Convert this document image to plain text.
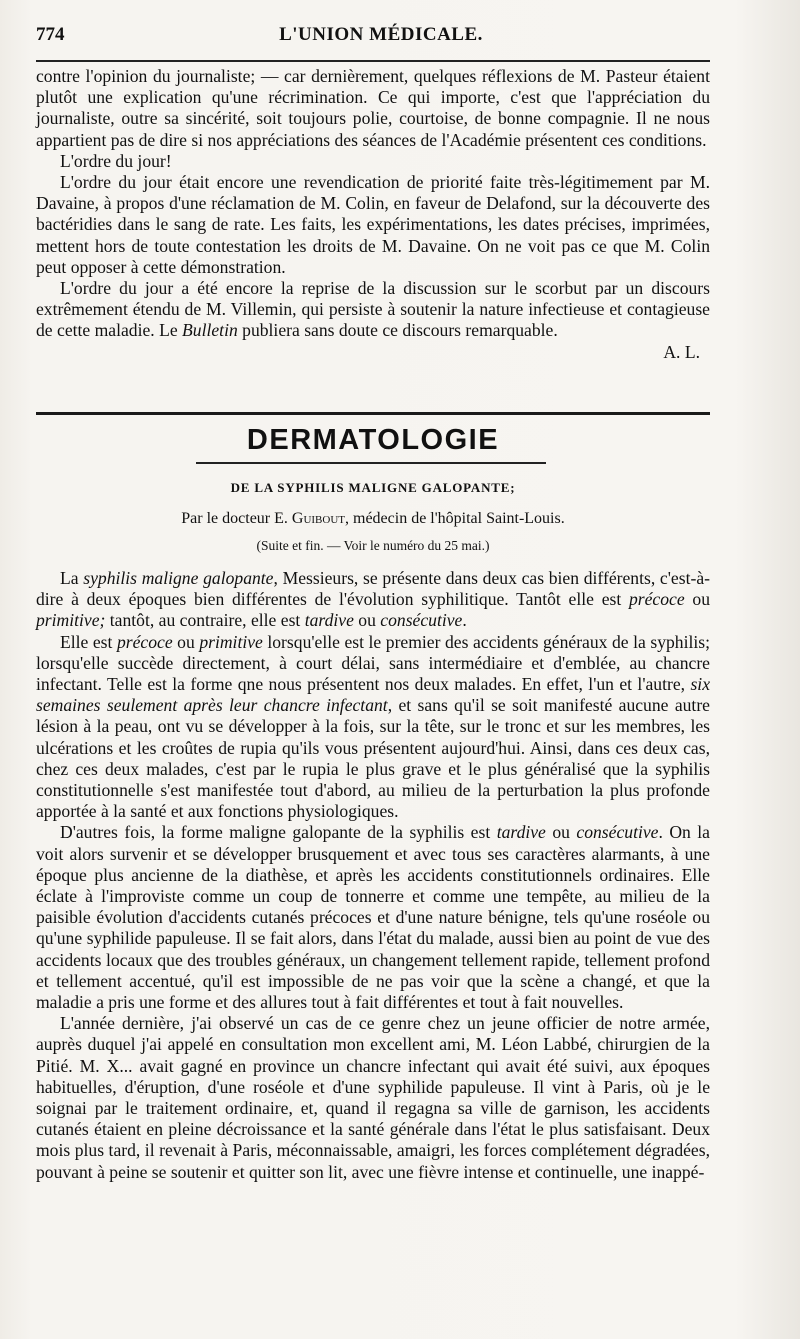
774	L'UNION MÉDICALE.

contre l'opinion du journaliste; — car dernièrement, quelques réflexions de M. Pasteur étaient plutôt une explication qu'une récrimination. Ce qui importe, c'est que l'appréciation du journaliste, outre sa sincérité, soit toujours polie, courtoise, de bonne compagnie. Il ne nous appartient pas de dire si nos appréciations des séances de l'Académie présentent ces conditions.

L'ordre du jour!

L'ordre du jour était encore une revendication de priorité faite très-légitimement par M. Davaine, à propos d'une réclamation de M. Colin, en faveur de Delafond, sur la découverte des bactéridies dans le sang de rate. Les faits, les expérimentations, les dates précises, imprimées, mettent hors de toute contestation les droits de M. Davaine. On ne voit pas ce que M. Colin peut opposer à cette démonstration.

L'ordre du jour a été encore la reprise de la discussion sur le scorbut par un discours extrêmement étendu de M. Villemin, qui persiste à soutenir la nature infectieuse et contagieuse de cette maladie. Le Bulletin publiera sans doute ce discours remarquable.

A. L.
DERMATOLOGIE
DE LA SYPHILIS MALIGNE GALOPANTE;
Par le docteur E. Guibout, médecin de l'hôpital Saint-Louis.
(Suite et fin. — Voir le numéro du 25 mai.)

La syphilis maligne galopante, Messieurs, se présente dans deux cas bien différents, c'est-à-dire à deux époques bien différentes de l'évolution syphilitique. Tantôt elle est précoce ou primitive; tantôt, au contraire, elle est tardive ou consécutive.

Elle est précoce ou primitive lorsqu'elle est le premier des accidents généraux de la syphilis; lorsqu'elle succède directement, à court délai, sans intermédiaire et d'emblée, au chancre infectant. Telle est la forme qne nous présentent nos deux malades. En effet, l'un et l'autre, six semaines seulement après leur chancre infectant, et sans qu'il se soit manifesté aucune autre lésion à la peau, ont vu se développer à la fois, sur la tête, sur le tronc et sur les membres, les ulcérations et les croûtes de rupia qu'ils vous présentent aujourd'hui. Ainsi, dans ces deux cas, chez ces deux malades, c'est par le rupia le plus grave et le plus généralisé que la syphilis constitutionnelle s'est manifestée tout d'abord, au milieu de la perturbation la plus profonde apportée à la santé et aux fonctions physiologiques.

D'autres fois, la forme maligne galopante de la syphilis est tardive ou consécutive. On la voit alors survenir et se développer brusquement et avec tous ses caractères alarmants, à une époque plus ancienne de la diathèse, et après les accidents constitutionnels ordinaires. Elle éclate à l'improviste comme un coup de tonnerre et comme une tempête, au milieu de la paisible évolution d'accidents cutanés précoces et d'une nature bénigne, tels qu'une roséole ou qu'une syphilide papuleuse. Il se fait alors, dans l'état du malade, aussi bien au point de vue des accidents locaux que des troubles généraux, un changement tellement rapide, tellement profond et tellement accentué, qu'il est impossible de ne pas voir que la scène a changé, et que la maladie a pris une forme et des allures tout à fait différentes et tout à fait nouvelles.

L'année dernière, j'ai observé un cas de ce genre chez un jeune officier de notre armée, auprès duquel j'ai appelé en consultation mon excellent ami, M. Léon Labbé, chirurgien de la Pitié. M. X... avait gagné en province un chancre infectant qui avait été suivi, aux époques habituelles, d'éruption, d'une roséole et d'une syphilide papuleuse. Il vint à Paris, où je le soignai par le traitement ordinaire, et, quand il regagna sa ville de garnison, les accidents cutanés étaient en pleine décroissance et la santé générale dans l'état le plus satisfaisant. Deux mois plus tard, il revenait à Paris, méconnaissable, amaigri, les forces complétement dégradées, pouvant à peine se soutenir et quitter son lit, avec une fièvre intense et continuelle, une inappé-
